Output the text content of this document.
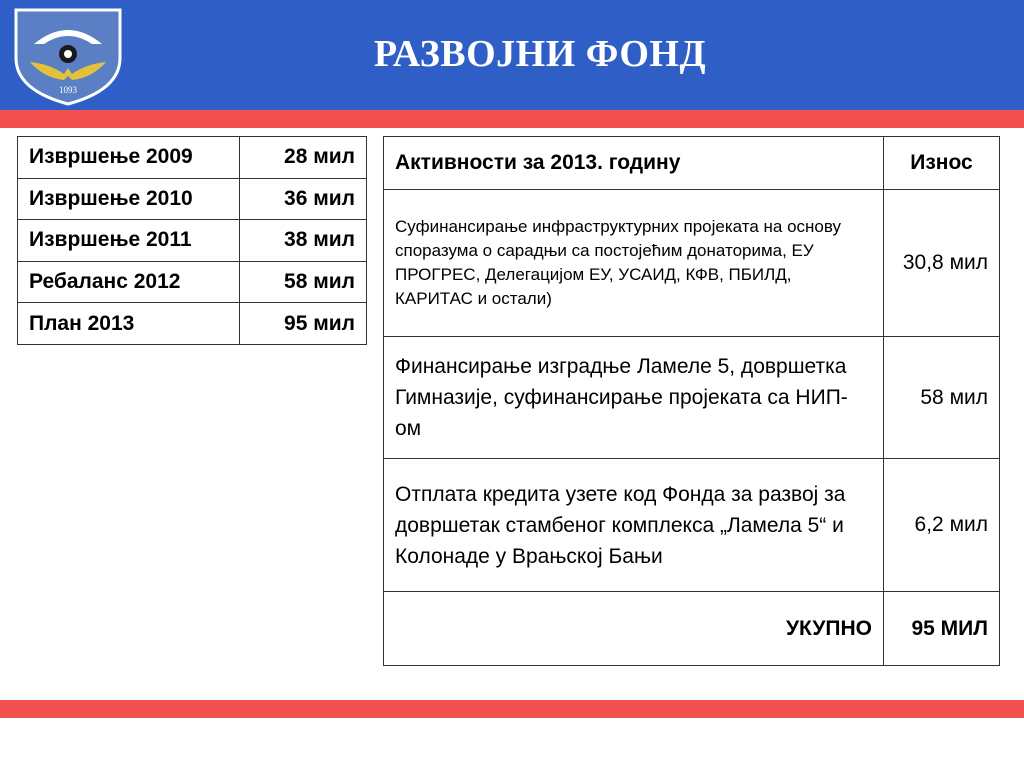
1093
РАЗВОЈНИ ФОНД
Извршење 2009	28 мил
Извршење 2010	36 мил
Извршење 2011	38 мил
Ребаланс 2012	58 мил
План 2013	95 мил
Активности за 2013. годину	Износ
Суфинансирање инфраструктурних пројеката на основу споразума о сарадњи са постојећим донаторима, ЕУ ПРОГРЕС, Делегацијом ЕУ, УСАИД, КФВ, ПБИЛД, КАРИТАС и остали)	30,8 мил
Финансирање изградње Ламеле 5, довршетка Гимназије, суфинансирање пројеката са НИП-ом	58 мил
Отплата кредита узете код Фонда за развој за довршетак стамбеног комплекса „Ламела 5“ и Колонаде у Врањској Бањи	6,2 мил
УКУПНО	95 МИЛ
